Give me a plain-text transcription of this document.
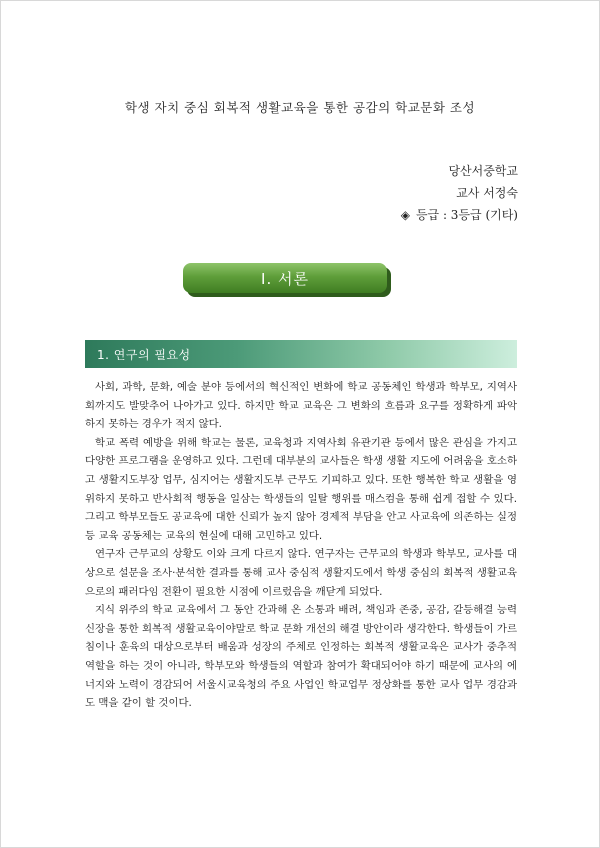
학생 자치 중심 회복적 생활교육을 통한 공감의 학교문화 조성
당산서중학교
교사 서정숙
◈ 등급 : 3등급 (기타)
Ⅰ. 서론
1. 연구의 필요성

사회, 과학, 문화, 예술 분야 등에서의 혁신적인 변화에 학교 공동체인 학생과 학부모, 지역사회까지도 발맞추어 나아가고 있다. 하지만 학교 교육은 그 변화의 흐름과 요구를 정확하게 파악하지 못하는 경우가 적지 않다.

학교 폭력 예방을 위해 학교는 물론, 교육청과 지역사회 유관기관 등에서 많은 관심을 가지고 다양한 프로그램을 운영하고 있다. 그런데 대부분의 교사들은 학생 생활 지도에 어려움을 호소하고 생활지도부장 업무, 심지어는 생활지도부 근무도 기피하고 있다. 또한 행복한 학교 생활을 영위하지 못하고 반사회적 행동을 일삼는 학생들의 일탈 행위를 매스컴을 통해 쉽게 접할 수 있다. 그리고 학부모들도 공교육에 대한 신뢰가 높지 않아 경제적 부담을 안고 사교육에 의존하는 실정 등 교육 공동체는 교육의 현실에 대해 고민하고 있다.

연구자 근무교의 상황도 이와 크게 다르지 않다. 연구자는 근무교의 학생과 학부모, 교사를 대상으로 설문을 조사·분석한 결과를 통해 교사 중심적 생활지도에서 학생 중심의 회복적 생활교육으로의 패러다임 전환이 필요한 시점에 이르렀음을 깨닫게 되었다.

지식 위주의 학교 교육에서 그 동안 간과해 온 소통과 배려, 책임과 존중, 공감, 갈등해결 능력 신장을 통한 회복적 생활교육이야말로 학교 문화 개선의 해결 방안이라 생각한다. 학생들이 가르침이나 훈육의 대상으로부터 배움과 성장의 주체로 인정하는 회복적 생활교육은 교사가 중추적 역할을 하는 것이 아니라, 학부모와 학생들의 역할과 참여가 확대되어야 하기 때문에 교사의 에너지와 노력이 경감되어 서울시교육청의 주요 사업인 학교업무 정상화를 통한 교사 업무 경감과도 맥을 같이 할 것이다.
